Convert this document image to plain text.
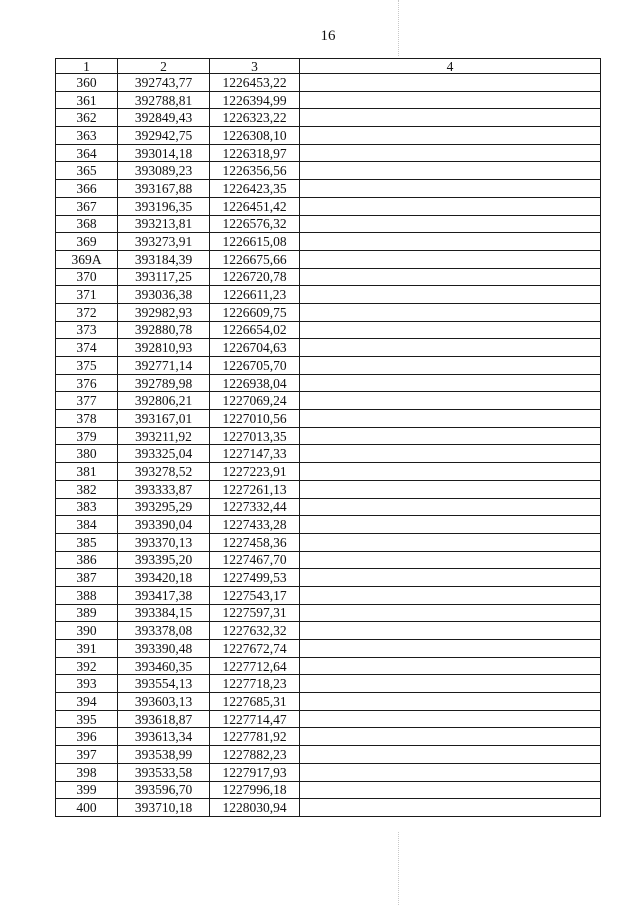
16
1	2	3	4
360	392743,77	1226453,22	
361	392788,81	1226394,99	
362	392849,43	1226323,22	
363	392942,75	1226308,10	
364	393014,18	1226318,97	
365	393089,23	1226356,56	
366	393167,88	1226423,35	
367	393196,35	1226451,42	
368	393213,81	1226576,32	
369	393273,91	1226615,08	
369A	393184,39	1226675,66	
370	393117,25	1226720,78	
371	393036,38	1226611,23	
372	392982,93	1226609,75	
373	392880,78	1226654,02	
374	392810,93	1226704,63	
375	392771,14	1226705,70	
376	392789,98	1226938,04	
377	392806,21	1227069,24	
378	393167,01	1227010,56	
379	393211,92	1227013,35	
380	393325,04	1227147,33	
381	393278,52	1227223,91	
382	393333,87	1227261,13	
383	393295,29	1227332,44	
384	393390,04	1227433,28	
385	393370,13	1227458,36	
386	393395,20	1227467,70	
387	393420,18	1227499,53	
388	393417,38	1227543,17	
389	393384,15	1227597,31	
390	393378,08	1227632,32	
391	393390,48	1227672,74	
392	393460,35	1227712,64	
393	393554,13	1227718,23	
394	393603,13	1227685,31	
395	393618,87	1227714,47	
396	393613,34	1227781,92	
397	393538,99	1227882,23	
398	393533,58	1227917,93	
399	393596,70	1227996,18	
400	393710,18	1228030,94	
